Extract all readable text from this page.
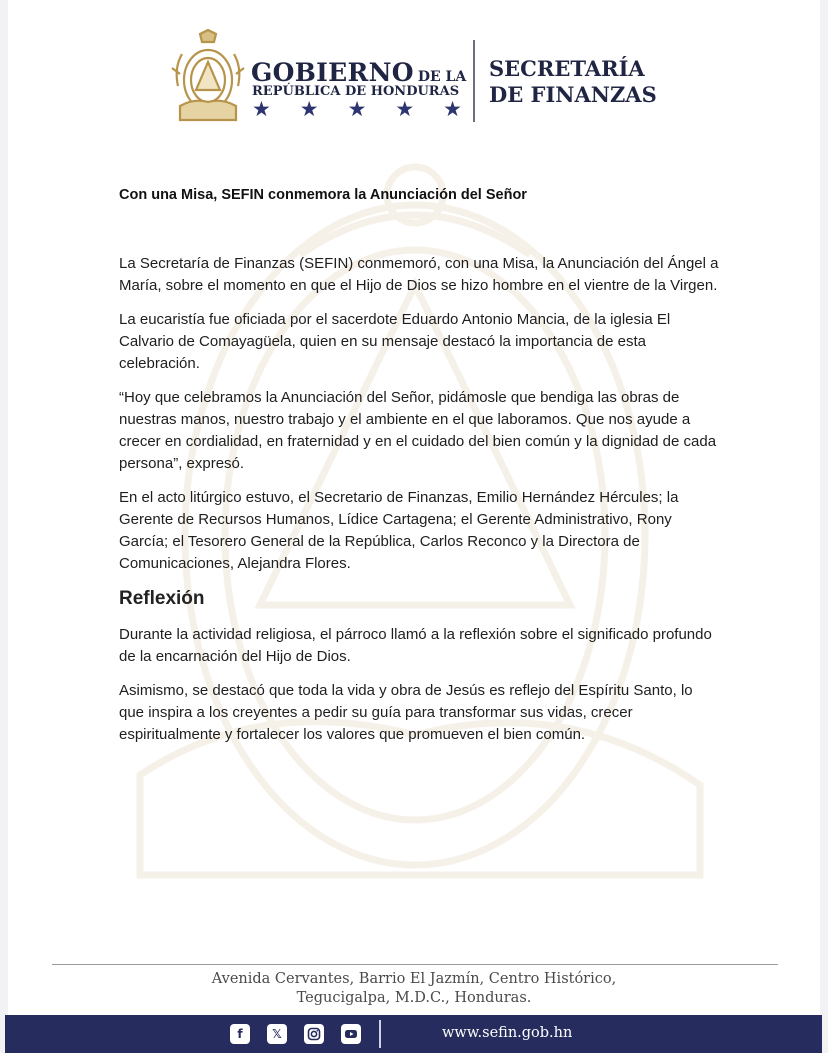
GOBIERNO DE LA
REPÚBLICA DE HONDURAS
★ ★ ★ ★ ★
SECRETARÍA
DE FINANZAS
Con una Misa, SEFIN conmemora la Anunciación del Señor

La Secretaría de Finanzas (SEFIN) conmemoró, con una Misa, la Anunciación del Ángel a María, sobre el momento en que el Hijo de Dios se hizo hombre en el vientre de la Virgen.

La eucaristía fue oficiada por el sacerdote Eduardo Antonio Mancia, de la iglesia El Calvario de Comayagüela, quien en su mensaje destacó la importancia de esta celebración.

“Hoy que celebramos la Anunciación del Señor, pidámosle que bendiga las obras de nuestras manos, nuestro trabajo y el ambiente en el que laboramos. Que nos ayude a crecer en cordialidad, en fraternidad y en el cuidado del bien común y la dignidad de cada persona”, expresó.

En el acto litúrgico estuvo, el Secretario de Finanzas, Emilio Hernández Hércules; la Gerente de Recursos Humanos, Lídice Cartagena; el Gerente Administrativo, Rony García; el Tesorero General de la República, Carlos Reconco y la Directora de Comunicaciones, Alejandra Flores.

Reflexión

Durante la actividad religiosa, el párroco llamó a la reflexión sobre el significado profundo de la encarnación del Hijo de Dios.

Asimismo, se destacó que toda la vida y obra de Jesús es reflejo del Espíritu Santo, lo que inspira a los creyentes a pedir su guía para transformar sus vidas, crecer espiritualmente y fortalecer los valores que promueven el bien común.

Avenida Cervantes, Barrio El Jazmín, Centro Histórico,
Tegucigalpa, M.D.C., Honduras.
f	𝕏	www.sefin.gob.hn
